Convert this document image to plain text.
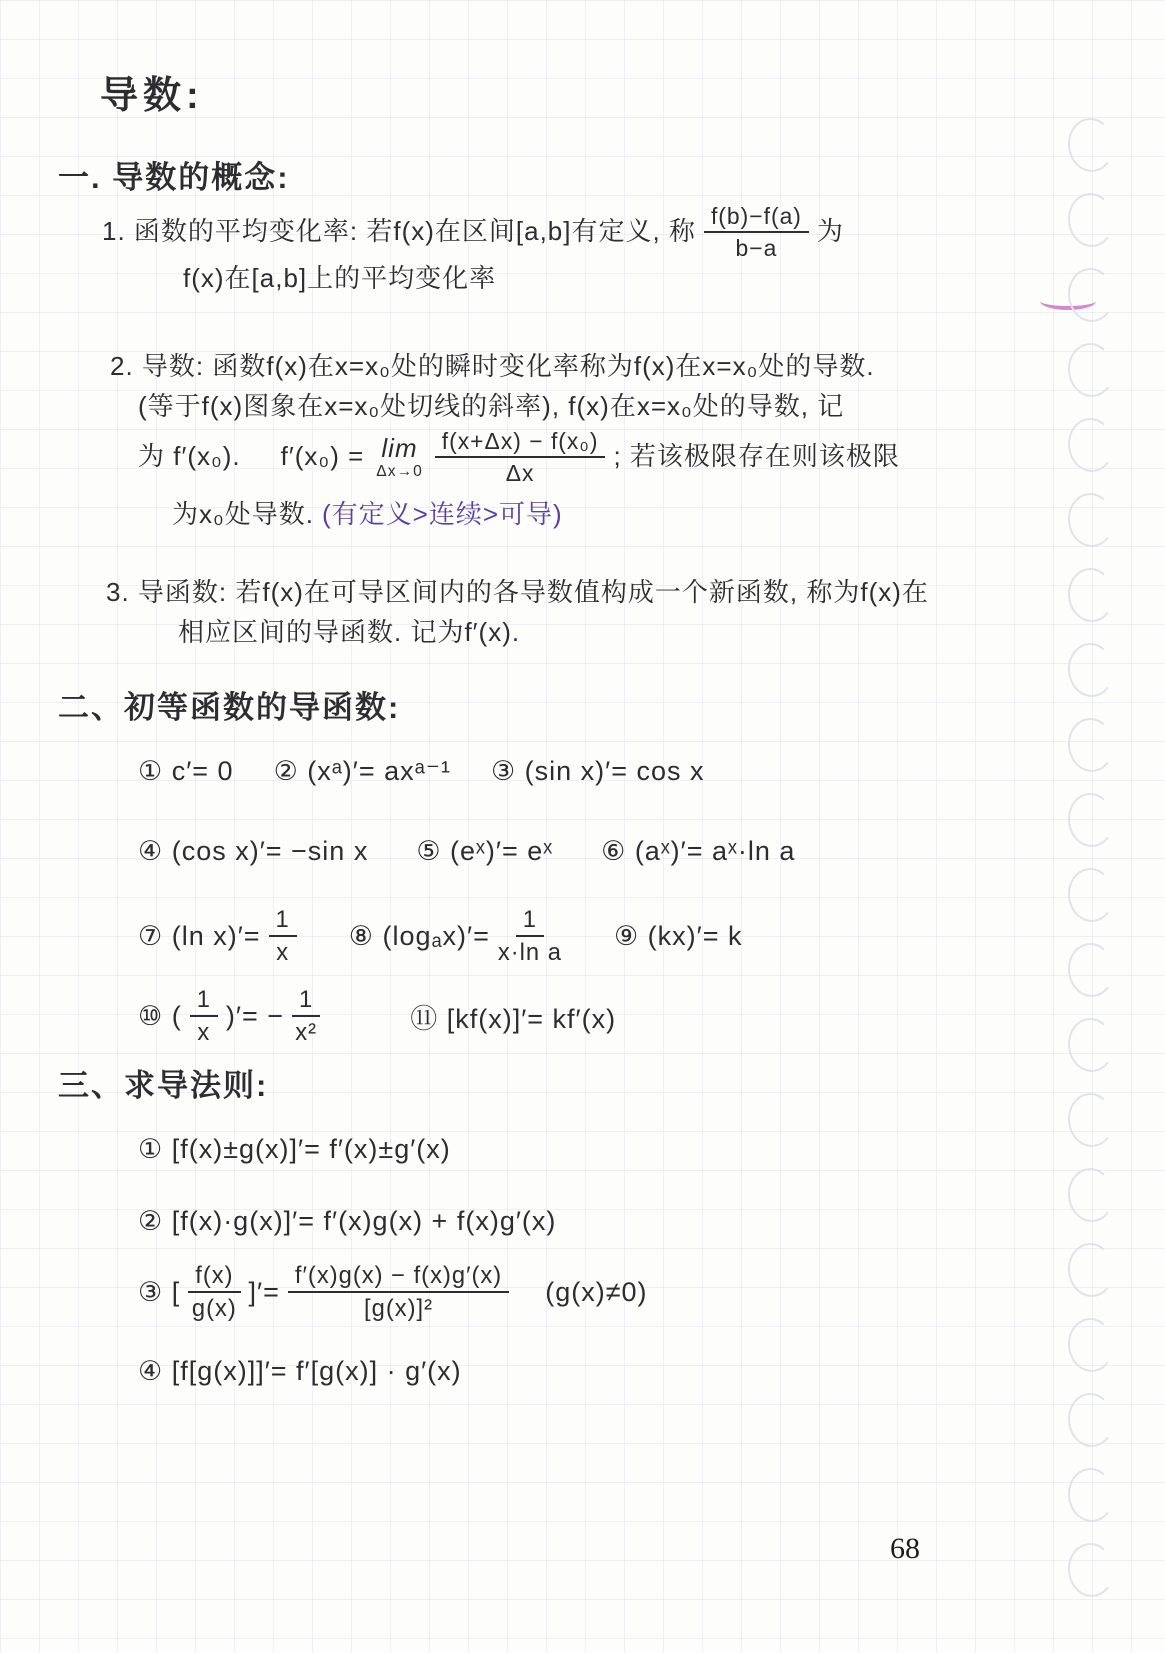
导数:
一. 导数的概念:
1. 函数的平均变化率: 若f(x)在区间[a,b]有定义, 称 $\frac{f(b)-f(a)}{b-a}$ 为
f(x)在[a,b]上的平均变化率
2. 导数: 函数f(x)在x=x₀处的瞬时变化率称为f(x)在x=x₀处的导数.
(等于f(x)图象在x=x₀处切线的斜率), f(x)在x=x₀处的导数, 记
为 f′(x₀). f′(x₀) = lim
$\Delta x\to 0 \frac{\text{f(x+Δx) − f(x₀)}}{\Delta x}$ ; 若该极限存在则该极限
为x₀处导数. (有定义>连续>可导)
3. 导函数: 若f(x)在可导区间内的各导数值构成一个新函数, 称为f(x)在
相应区间的导函数. 记为f′(x).
二、初等函数的导函数:
① c′= 0 ② (xᵃ)′= axᵃ⁻¹ ③ (sin x)′= cos x
④ (cos x)′= −sin x ⑤ (eˣ)′= eˣ ⑥ (aˣ)′= aˣ·ln a
⑦ (ln $x)'= \frac{1}{x}$ ⑧ $(\log_ax)'= \frac{1}{\text{x·ln a}}$ ⑨ (kx)′= k
⑩ ( $\frac{1}{x}$ )′= − $\frac{1}{\text{x²}}$	⑪ [kf(x)]′= kf′(x)
三、求导法则:
① [f(x)±g(x)]′= f′(x)±g′(x)
② [f(x)·g(x)]′= f′(x)g(x) + f(x)g′(x)
③ [ $\frac{f(x)}{g(x)}$ ]′= $\frac{f'(x)g(x) - f(x)g'(x)}{\text{[g(x)]²}} (g(x)\ne 0)$
④ [f[g(x)]]′= f′[g(x)] · g′(x)
68
